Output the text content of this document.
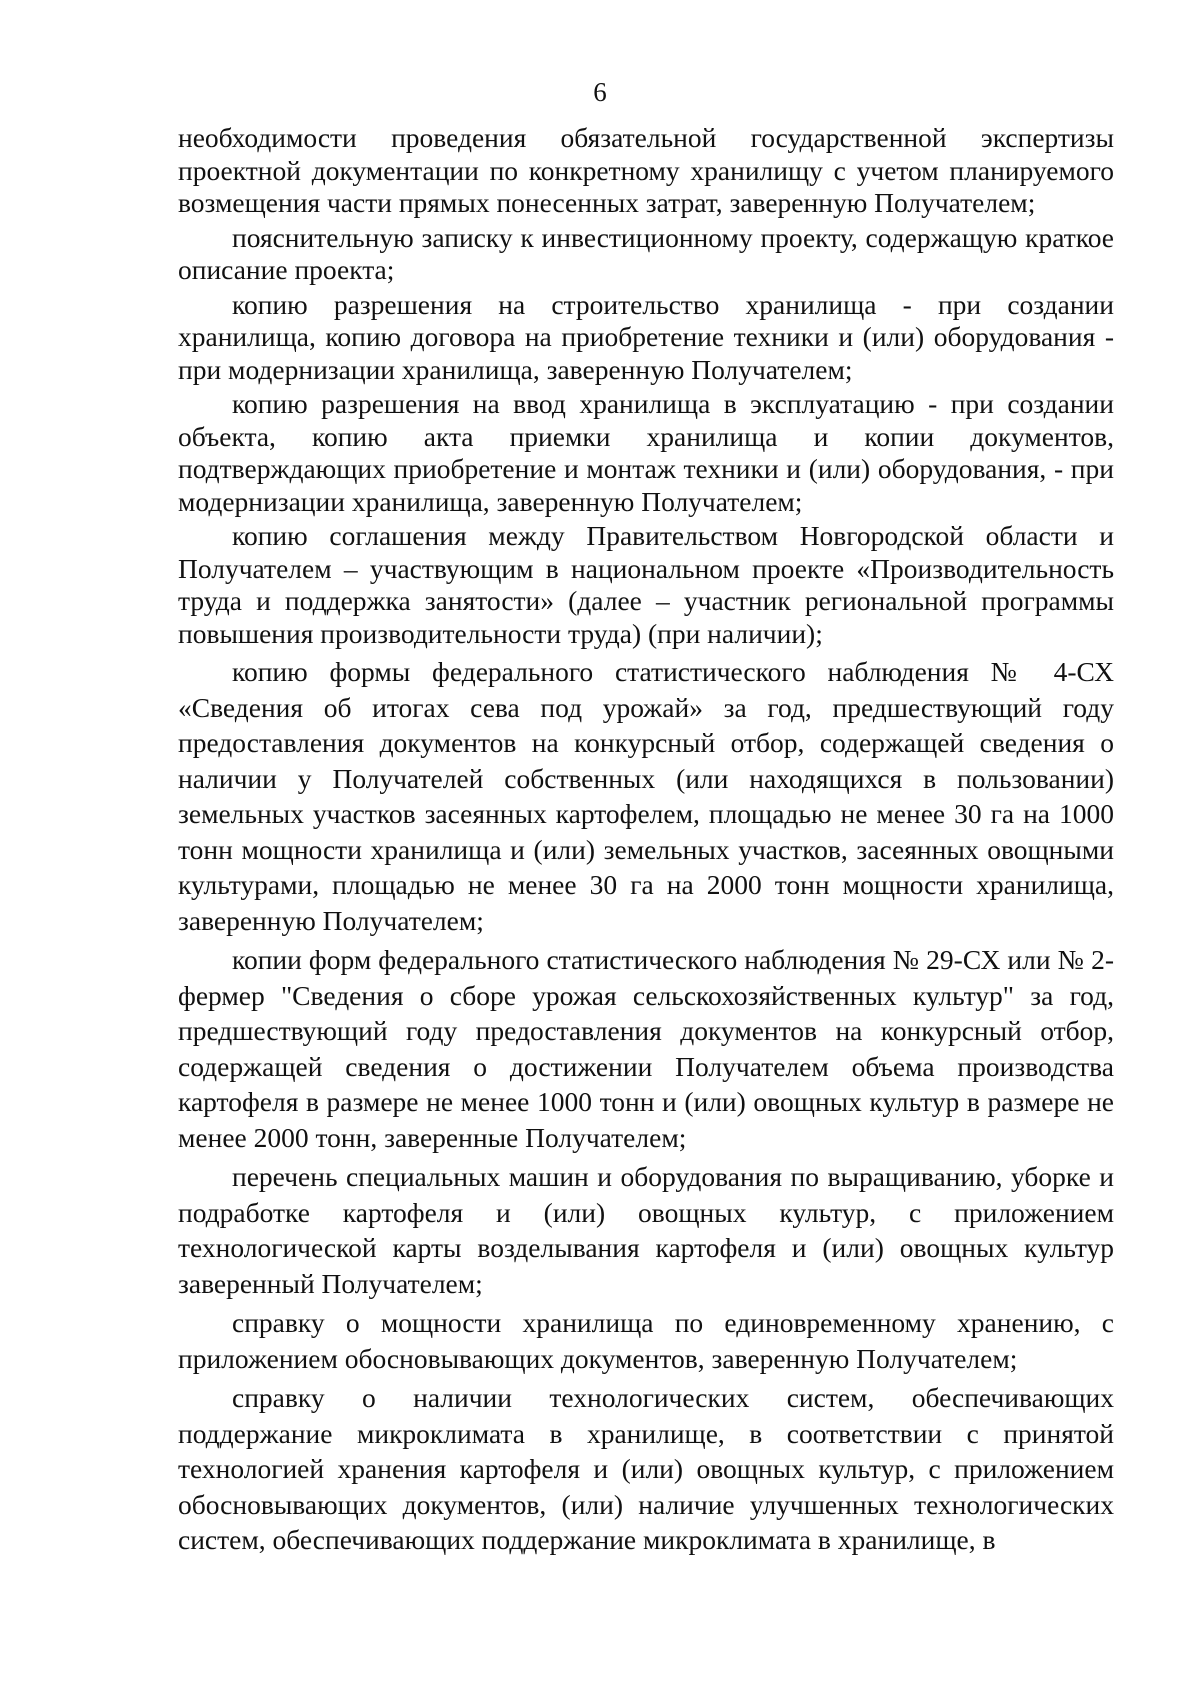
6

необходимости проведения обязательной государственной экспертизы проектной документации по конкретному хранилищу с учетом планируемого возмещения части прямых понесенных затрат, заверенную Получателем;

пояснительную записку к инвестиционному проекту, содержащую краткое описание проекта;

копию разрешения на строительство хранилища - при создании хранилища, копию договора на приобретение техники и (или) оборудования - при модернизации хранилища, заверенную Получателем;

копию разрешения на ввод хранилища в эксплуатацию - при создании объекта, копию акта приемки хранилища и копии документов, подтверждающих приобретение и монтаж техники и (или) оборудования, - при модернизации хранилища, заверенную Получателем;

копию соглашения между Правительством Новгородской области и Получателем – участвующим в национальном проекте «Производительность труда и поддержка занятости» (далее – участник региональной программы повышения производительности труда) (при наличии);

копию формы федерального статистического наблюдения № 4-СХ «Сведения об итогах сева под урожай» за год, предшествующий году предоставления документов на конкурсный отбор, содержащей сведения о наличии у Получателей собственных (или находящихся в пользовании) земельных участков засеянных картофелем, площадью не менее 30 га на 1000 тонн мощности хранилища и (или) земельных участков, засеянных овощными культурами, площадью не менее 30 га на 2000 тонн мощности хранилища, заверенную Получателем;

копии форм федерального статистического наблюдения № 29-СХ или № 2-фермер "Сведения о сборе урожая сельскохозяйственных культур" за год, предшествующий году предоставления документов на конкурсный отбор, содержащей сведения о достижении Получателем объема производства картофеля в размере не менее 1000 тонн и (или) овощных культур в размере не менее 2000 тонн, заверенные Получателем;

перечень специальных машин и оборудования по выращиванию, уборке и подработке картофеля и (или) овощных культур, с приложением технологической карты возделывания картофеля и (или) овощных культур заверенный Получателем;

справку о мощности хранилища по единовременному хранению, с приложением обосновывающих документов, заверенную Получателем;

справку о наличии технологических систем, обеспечивающих поддержание микроклимата в хранилище, в соответствии с принятой технологией хранения картофеля и (или) овощных культур, с приложением обосновывающих документов, (или) наличие улучшенных технологических систем, обеспечивающих поддержание микроклимата в хранилище, в
